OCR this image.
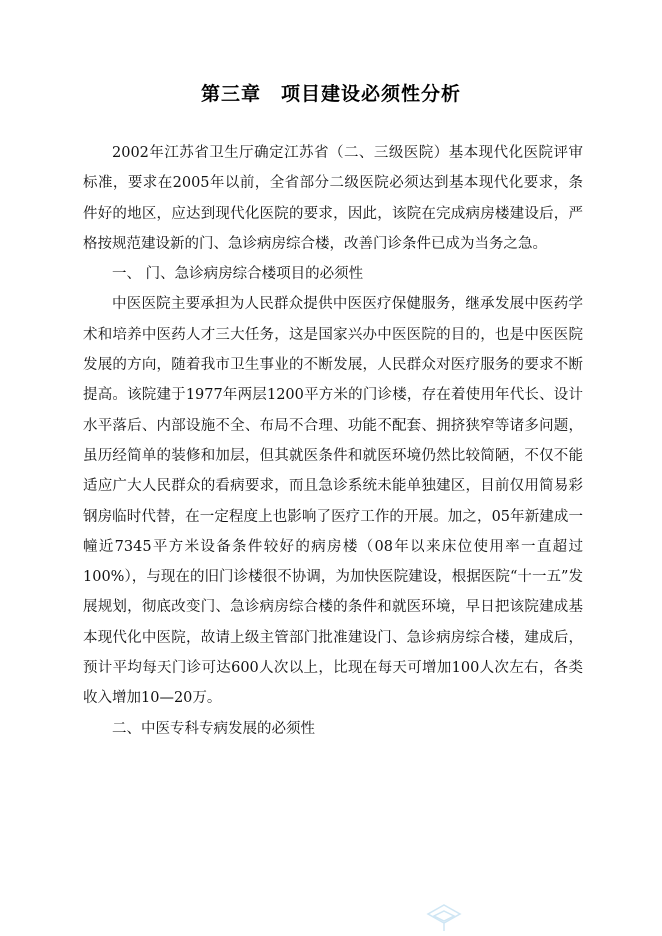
第三章　项目建设必须性分析

2002年江苏省卫生厅确定江苏省（二、三级医院）基本现代化医院评审标准，要求在2005年以前，全省部分二级医院必须达到基本现代化要求，条件好的地区，应达到现代化医院的要求，因此，该院在完成病房楼建设后，严格按规范建设新的门、急诊病房综合楼，改善门诊条件已成为当务之急。

一、 门、急诊病房综合楼项目的必须性

中医医院主要承担为人民群众提供中医医疗保健服务，继承发展中医药学术和培养中医药人才三大任务，这是国家兴办中医医院的目的，也是中医医院发展的方向，随着我市卫生事业的不断发展，人民群众对医疗服务的要求不断提高。该院建于1977年两层1200平方米的门诊楼，存在着使用年代长、设计水平落后、内部设施不全、布局不合理、功能不配套、拥挤狭窄等诸多问题，虽历经简单的装修和加层，但其就医条件和就医环境仍然比较简陋，不仅不能适应广大人民群众的看病要求，而且急诊系统未能单独建区，目前仅用简易彩钢房临时代替，在一定程度上也影响了医疗工作的开展。加之，05年新建成一幢近7345平方米设备条件较好的病房楼（08年以来床位使用率一直超过100%），与现在的旧门诊楼很不协调，为加快医院建设，根据医院“十一五”发展规划，彻底改变门、急诊病房综合楼的条件和就医环境，早日把该院建成基本现代化中医院，故请上级主管部门批准建设门、急诊病房综合楼，建成后，预计平均每天门诊可达600人次以上，比现在每天可增加100人次左右，各类收入增加10—20万。

二、中医专科专病发展的必须性
